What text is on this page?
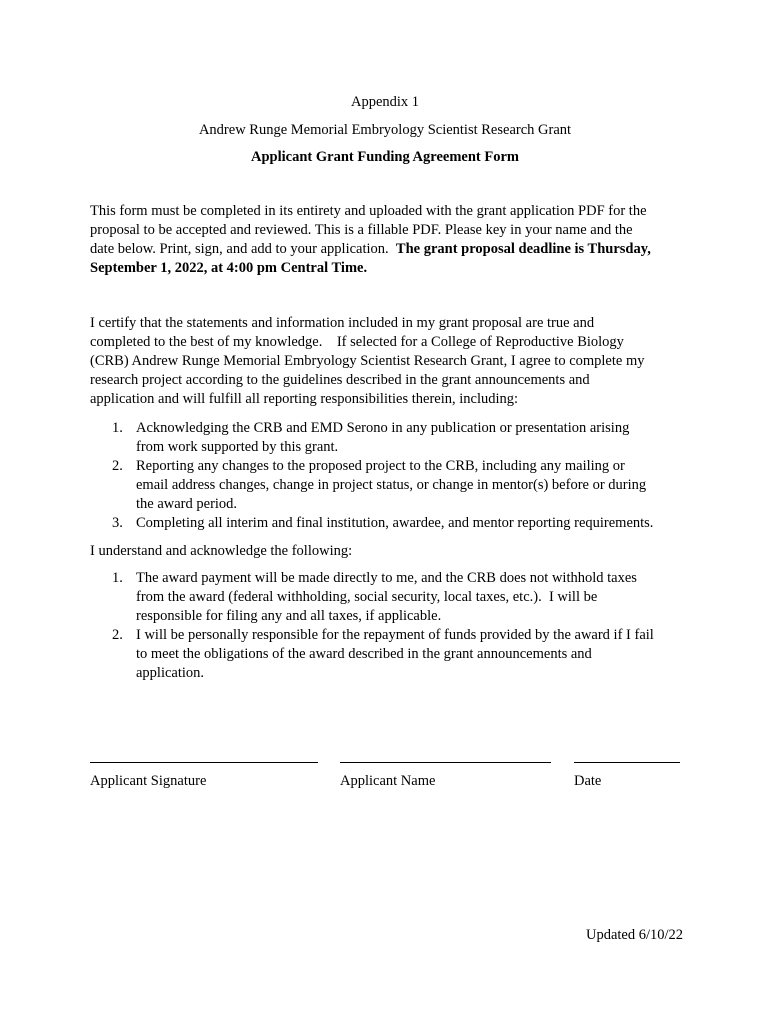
Appendix 1
Andrew Runge Memorial Embryology Scientist Research Grant
Applicant Grant Funding Agreement Form
This form must be completed in its entirety and uploaded with the grant application PDF for the
proposal to be accepted and reviewed. This is a fillable PDF. Please key in your name and the
date below. Print, sign, and add to your application.  The grant proposal deadline is Thursday,
September 1, 2022, at 4:00 pm Central Time.
I certify that the statements and information included in my grant proposal are true and
completed to the best of my knowledge.    If selected for a College of Reproductive Biology
(CRB) Andrew Runge Memorial Embryology Scientist Research Grant, I agree to complete my
research project according to the guidelines described in the grant announcements and
application and will fulfill all reporting responsibilities therein, including:
1. Acknowledging the CRB and EMD Serono in any publication or presentation arising
from work supported by this grant.
2. Reporting any changes to the proposed project to the CRB, including any mailing or
email address changes, change in project status, or change in mentor(s) before or during
the award period.
3. Completing all interim and final institution, awardee, and mentor reporting requirements.
I understand and acknowledge the following:
1. The award payment will be made directly to me, and the CRB does not withhold taxes
from the award (federal withholding, social security, local taxes, etc.).  I will be
responsible for filing any and all taxes, if applicable.
2. I will be personally responsible for the repayment of funds provided by the award if I fail
to meet the obligations of the award described in the grant announcements and
application.
Applicant Signature	Applicant Name	Date
Updated 6/10/22
